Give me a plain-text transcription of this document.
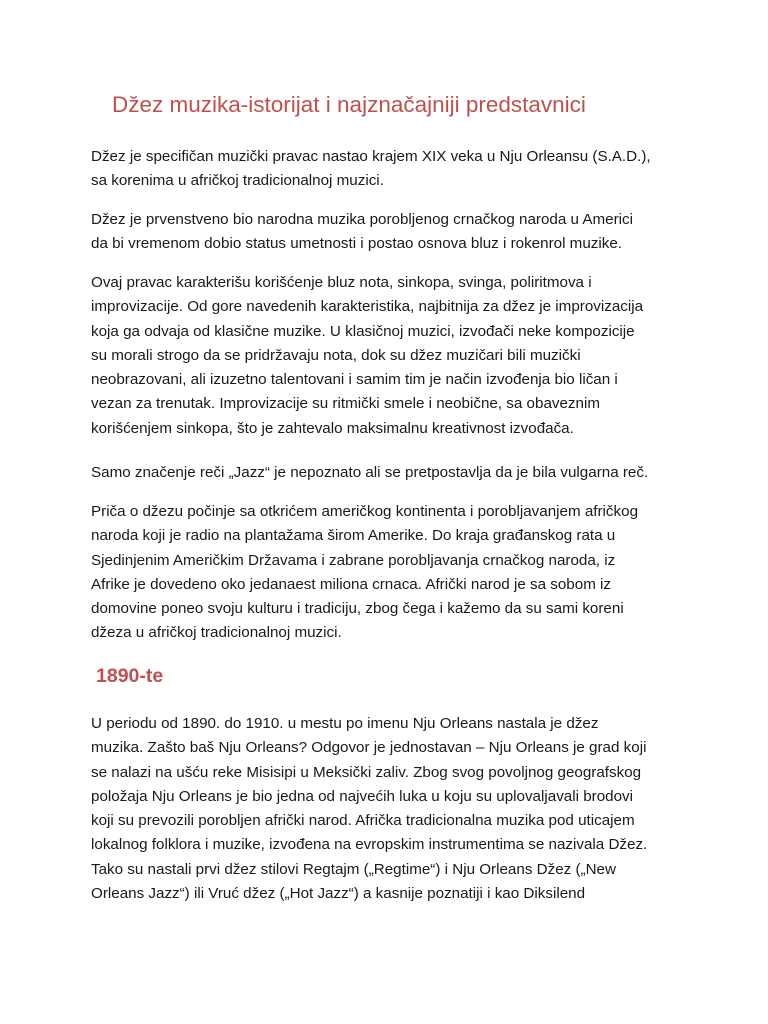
Džez muzika-istorijat i najznačajniji predstavnici

Džez je specifičan muzički pravac nastao krajem XIX veka u Nju Orleansu (S.A.D.),
sa korenima u afričkoj tradicionalnoj muzici.

Džez je prvenstveno bio narodna muzika porobljenog crnačkog naroda u Americi
da bi vremenom dobio status umetnosti i postao osnova bluz i rokenrol muzike.

Ovaj pravac karakterišu korišćenje bluz nota, sinkopa, svinga, poliritmova i
improvizacije. Od gore navedenih karakteristika, najbitnija za džez je improvizacija
koja ga odvaja od klasične muzike. U klasičnoj muzici, izvođači neke kompozicije
su morali strogo da se pridržavaju nota, dok su džez muzičari bili muzički
neobrazovani, ali izuzetno talentovani i samim tim je način izvođenja bio ličan i
vezan za trenutak. Improvizacije su ritmički smele i neobične, sa obaveznim
korišćenjem sinkopa, što je zahtevalo maksimalnu kreativnost izvođača.

Samo značenje reči „Jazz“ je nepoznato ali se pretpostavlja da je bila vulgarna reč.

Priča o džezu počinje sa otkrićem američkog kontinenta i porobljavanjem afričkog
naroda koji je radio na plantažama širom Amerike. Do kraja građanskog rata u
Sjedinjenim Američkim Državama i zabrane porobljavanja crnačkog naroda, iz
Afrike je dovedeno oko jedanaest miliona crnaca. Afrički narod je sa sobom iz
domovine poneo svoju kulturu i tradiciju, zbog čega i kažemo da su sami koreni
džeza u afričkoj tradicionalnoj muzici.

1890-te

U periodu od 1890. do 1910. u mestu po imenu Nju Orleans nastala je džez
muzika. Zašto baš Nju Orleans? Odgovor je jednostavan – Nju Orleans je grad koji
se nalazi na ušću reke Misisipi u Meksički zaliv. Zbog svog povoljnog geografskog
položaja Nju Orleans je bio jedna od najvećih luka u koju su uplovaljavali brodovi
koji su prevozili porobljen afrički narod. Afrička tradicionalna muzika pod uticajem
lokalnog folklora i muzike, izvođena na evropskim instrumentima se nazivala Džez.
Tako su nastali prvi džez stilovi Regtajm („Regtime“) i Nju Orleans Džez („New
Orleans Jazz“) ili Vruć džez („Hot Jazz“) a kasnije poznatiji i kao Diksilend
